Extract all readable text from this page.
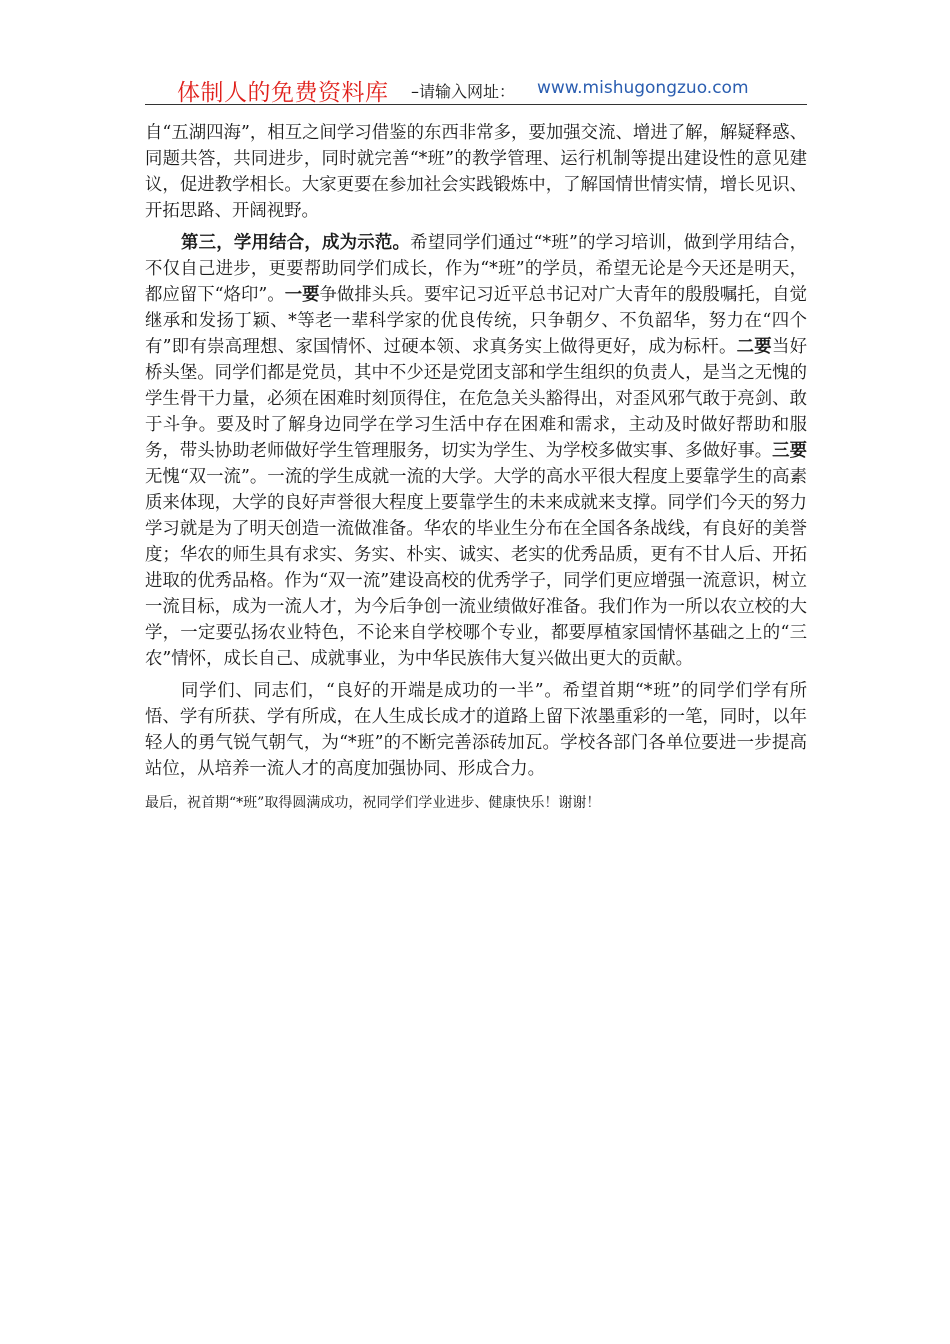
体制人的免费资料库 –请输入网址： www.mishugongzuo.com

自“五湖四海”，相互之间学习借鉴的东西非常多，要加强交流、增进了解，解疑释惑、同题共答，共同进步，同时就完善“*班”的教学管理、运行机制等提出建设性的意见建议，促进教学相长。大家更要在参加社会实践锻炼中，了解国情世情实情，增长见识、开拓思路、开阔视野。

第三，学用结合，成为示范。希望同学们通过“*班”的学习培训，做到学用结合，不仅自己进步，更要帮助同学们成长，作为“*班”的学员，希望无论是今天还是明天，都应留下“烙印”。一要争做排头兵。要牢记习近平总书记对广大青年的殷殷嘱托，自觉继承和发扬丁颖、*等老一辈科学家的优良传统，只争朝夕、不负韶华，努力在“四个有”即有崇高理想、家国情怀、过硬本领、求真务实上做得更好，成为标杆。二要当好桥头堡。同学们都是党员，其中不少还是党团支部和学生组织的负责人，是当之无愧的学生骨干力量，必须在困难时刻顶得住，在危急关头豁得出，对歪风邪气敢于亮剑、敢于斗争。要及时了解身边同学在学习生活中存在困难和需求，主动及时做好帮助和服务，带头协助老师做好学生管理服务，切实为学生、为学校多做实事、多做好事。三要无愧“双一流”。一流的学生成就一流的大学。大学的高水平很大程度上要靠学生的高素质来体现，大学的良好声誉很大程度上要靠学生的未来成就来支撑。同学们今天的努力学习就是为了明天创造一流做准备。华农的毕业生分布在全国各条战线，有良好的美誉度；华农的师生具有求实、务实、朴实、诚实、老实的优秀品质，更有不甘人后、开拓进取的优秀品格。作为“双一流”建设高校的优秀学子，同学们更应增强一流意识，树立一流目标，成为一流人才，为今后争创一流业绩做好准备。我们作为一所以农立校的大学，一定要弘扬农业特色，不论来自学校哪个专业，都要厚植家国情怀基础之上的“三农”情怀，成长自己、成就事业，为中华民族伟大复兴做出更大的贡献。

同学们、同志们，“良好的开端是成功的一半”。希望首期“*班”的同学们学有所悟、学有所获、学有所成，在人生成长成才的道路上留下浓墨重彩的一笔，同时，以年轻人的勇气锐气朝气，为“*班”的不断完善添砖加瓦。学校各部门各单位要进一步提高站位，从培养一流人才的高度加强协同、形成合力。

最后，祝首期“*班”取得圆满成功，祝同学们学业进步、健康快乐！谢谢！
